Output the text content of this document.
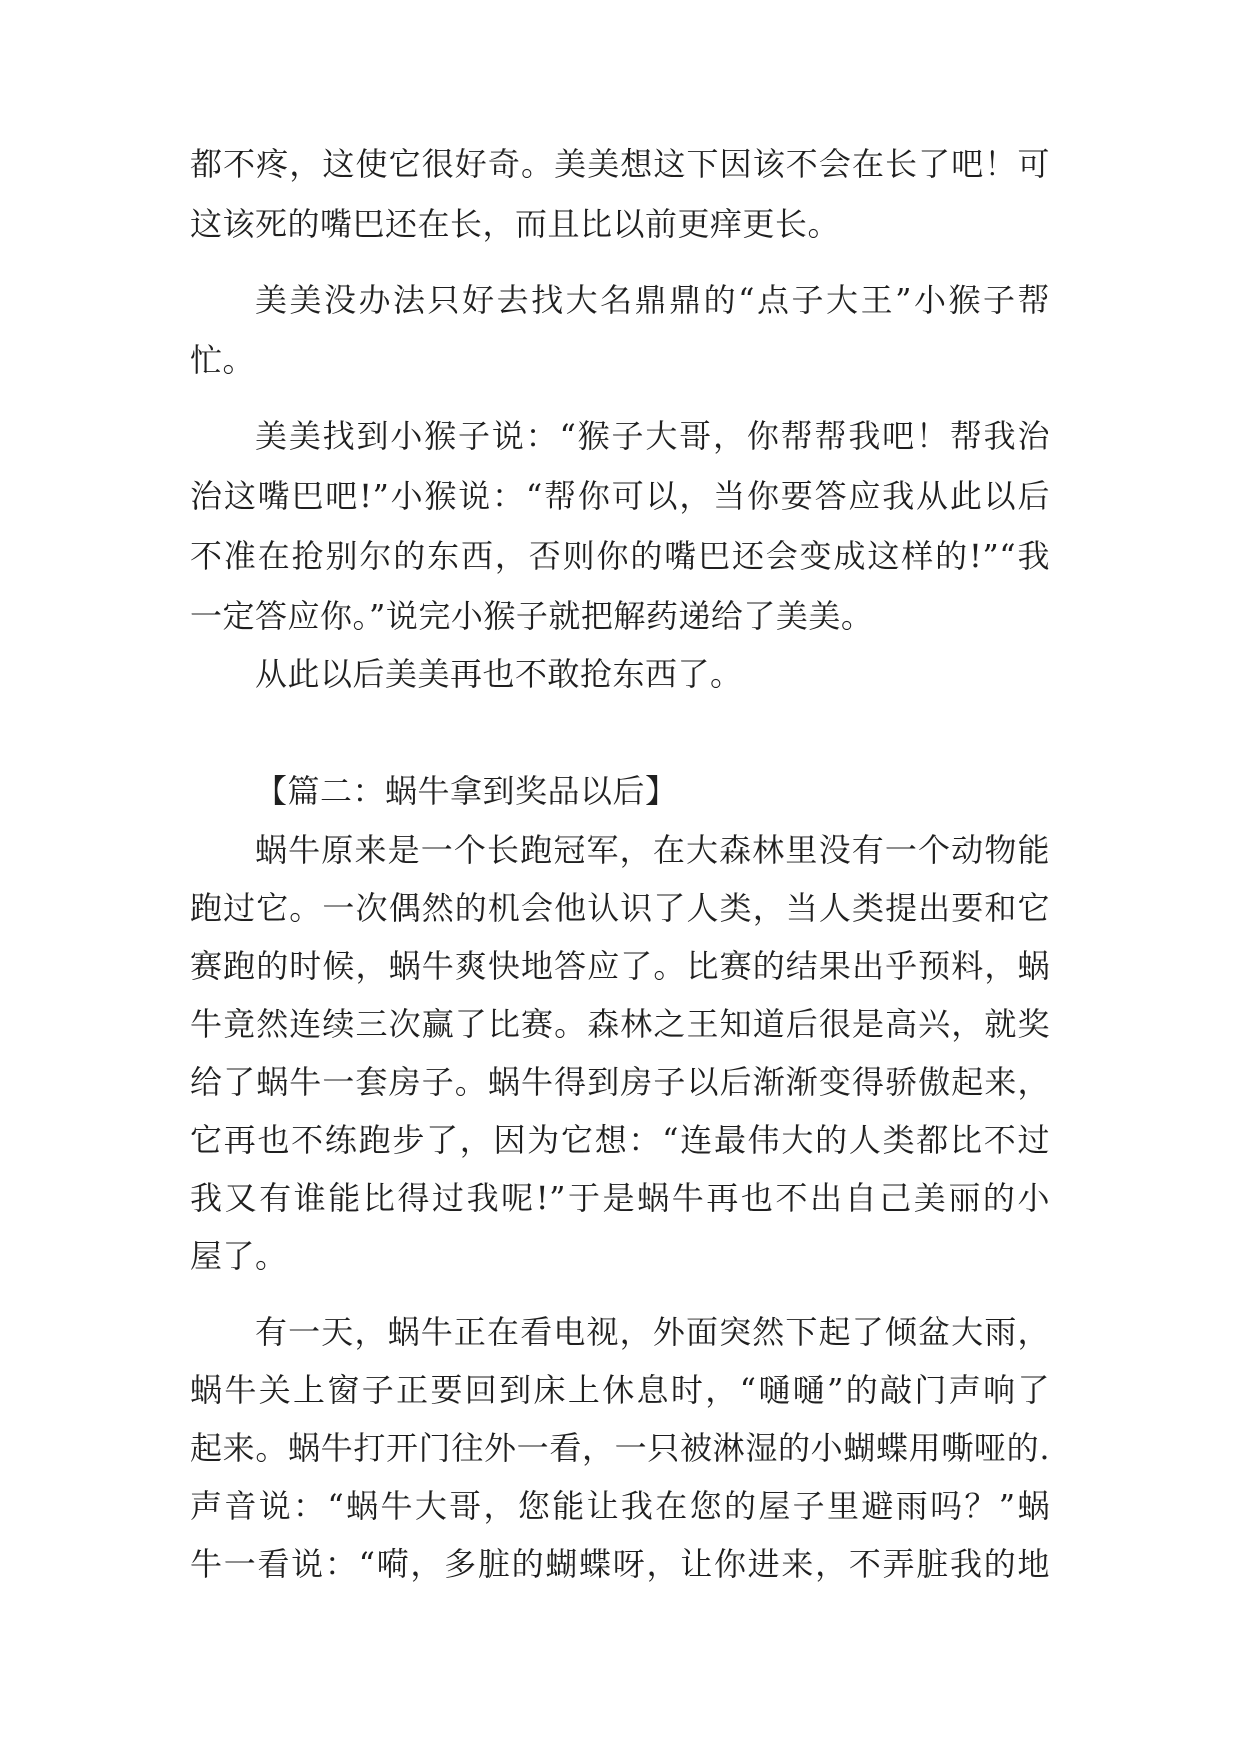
都不疼，这使它很好奇。美美想这下因该不会在长了吧！可
这该死的嘴巴还在长，而且比以前更痒更长。
美美没办法只好去找大名鼎鼎的“点子大王”小猴子帮
忙。
美美找到小猴子说：“猴子大哥，你帮帮我吧！帮我治
治这嘴巴吧!”小猴说：“帮你可以，当你要答应我从此以后
不准在抢别尔的东西，否则你的嘴巴还会变成这样的!”“我
一定答应你。”说完小猴子就把解药递给了美美。
从此以后美美再也不敢抢东西了。
【篇二：蜗牛拿到奖品以后】
蜗牛原来是一个长跑冠军，在大森林里没有一个动物能
跑过它。一次偶然的机会他认识了人类，当人类提出要和它
赛跑的时候，蜗牛爽快地答应了。比赛的结果出乎预料，蜗
牛竟然连续三次赢了比赛。森林之王知道后很是高兴，就奖
给了蜗牛一套房子。蜗牛得到房子以后渐渐变得骄傲起来，
它再也不练跑步了，因为它想：“连最伟大的人类都比不过
我又有谁能比得过我呢!”于是蜗牛再也不出自己美丽的小
屋了。
有一天，蜗牛正在看电视，外面突然下起了倾盆大雨，
蜗牛关上窗子正要回到床上休息时，“嗵嗵”的敲门声响了
起来。蜗牛打开门往外一看，一只被淋湿的小蝴蝶用嘶哑的.
声音说：“蜗牛大哥，您能让我在您的屋子里避雨吗？”蜗
牛一看说：“嗬，多脏的蝴蝶呀，让你进来，不弄脏我的地
